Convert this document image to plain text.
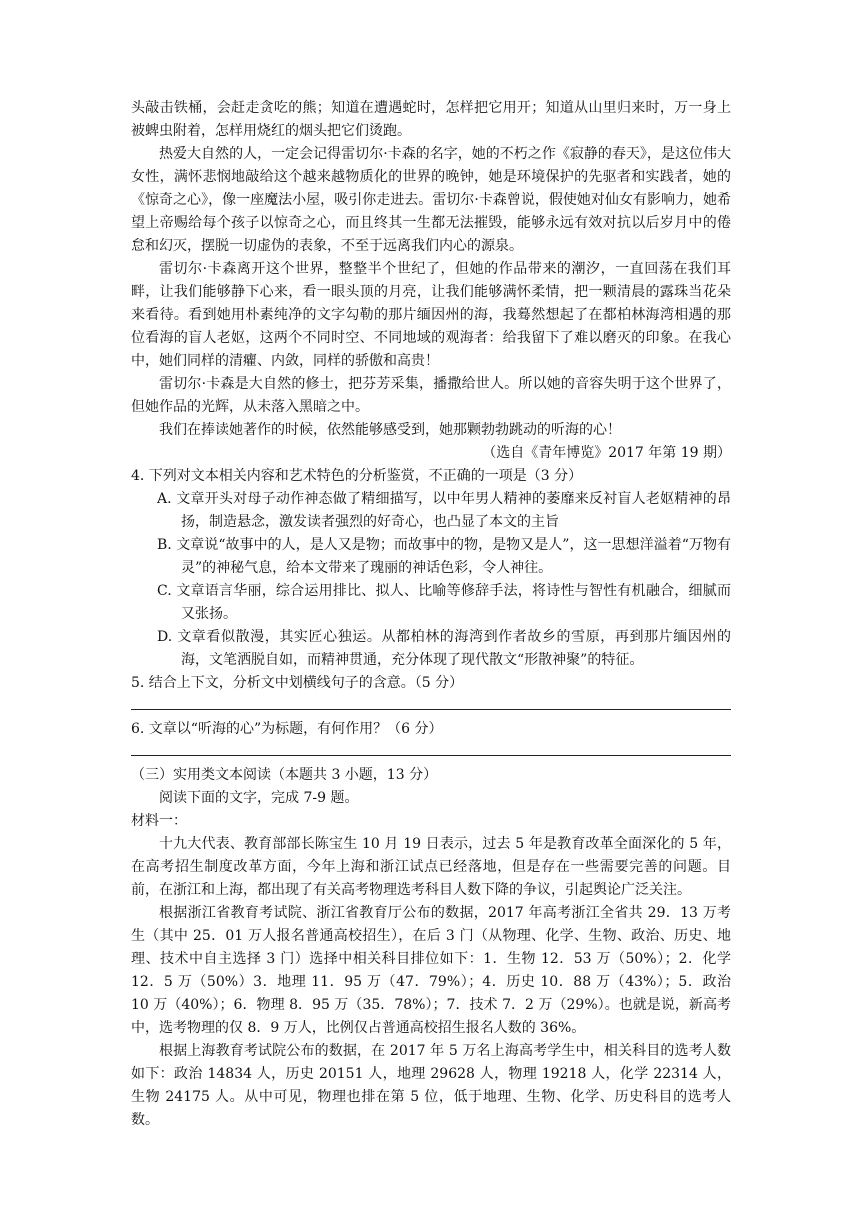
头敲击铁桶，会赶走贪吃的熊；知道在遭遇蛇时，怎样把它用开；知道从山里归来时，万一身上被蜱虫附着，怎样用烧红的烟头把它们烫跑。

热爱大自然的人，一定会记得雷切尔·卡森的名字，她的不朽之作《寂静的春天》，是这位伟大女性，满怀悲悯地敲给这个越来越物质化的世界的晚钟，她是环境保护的先驱者和实践者，她的《惊奇之心》，像一座魔法小屋，吸引你走进去。雷切尔·卡森曾说，假使她对仙女有影响力，她希望上帝赐给每个孩子以惊奇之心，而且终其一生都无法摧毁，能够永远有效对抗以后岁月中的倦怠和幻灭，摆脱一切虚伪的表象，不至于远离我们内心的源泉。

雷切尔·卡森离开这个世界，整整半个世纪了，但她的作品带来的潮汐，一直回荡在我们耳畔，让我们能够静下心来，看一眼头顶的月亮，让我们能够满怀柔情，把一颗清晨的露珠当花朵来看待。看到她用朴素纯净的文字勾勒的那片缅因州的海，我蓦然想起了在都柏林海湾相遇的那位看海的盲人老妪，这两个不同时空、不同地域的观海者：给我留下了难以磨灭的印象。在我心中，她们同样的清癯、内敛，同样的骄傲和高贵！

雷切尔·卡森是大自然的修士，把芬芳采集，播撒给世人。所以她的音容失明于这个世界了，但她作品的光辉，从未落入黑暗之中。

我们在捧读她著作的时候，依然能够感受到，她那颗勃勃跳动的听海的心！

（选自《青年博览》2017 年第 19 期）

4. 下列对文本相关内容和艺术特色的分析鉴赏，不正确的一项是（3 分）

A. 文章开头对母子动作神态做了精细描写，以中年男人精神的萎靡来反衬盲人老妪精神的昂扬，制造悬念，激发读者强烈的好奇心，也凸显了本文的主旨

B. 文章说“故事中的人，是人又是物；而故事中的物，是物又是人”，这一思想洋溢着“万物有灵”的神秘气息，给本文带来了瑰丽的神话色彩，令人神往。

C. 文章语言华丽，综合运用排比、拟人、比喻等修辞手法，将诗性与智性有机融合，细腻而又张扬。

D. 文章看似散漫，其实匠心独运。从都柏林的海湾到作者故乡的雪原，再到那片缅因州的海，文笔洒脱自如，而精神贯通，充分体现了现代散文“形散神聚”的特征。

5. 结合上下文，分析文中划横线句子的含意。（5 分）

6. 文章以“听海的心”为标题，有何作用？（6 分）

（三）实用类文本阅读（本题共 3 小题，13 分）

阅读下面的文字，完成 7-9 题。

材料一：

十九大代表、教育部部长陈宝生 10 月 19 日表示，过去 5 年是教育改革全面深化的 5 年，在高考招生制度改革方面，今年上海和浙江试点已经落地，但是存在一些需要完善的问题。目前，在浙江和上海，都出现了有关高考物理选考科目人数下降的争议，引起舆论广泛关注。

根据浙江省教育考试院、浙江省教育厅公布的数据，2017 年高考浙江全省共 29．13 万考生（其中 25．01 万人报名普通高校招生），在后 3 门（从物理、化学、生物、政治、历史、地理、技术中自主选择 3 门）选择中相关科目排位如下：1．生物 12．53 万（50%）；2．化学 12．5 万（50%）3．地理 11．95 万（47．79%）；4．历史 10．88 万（43%）；5．政治 10 万（40%）；6．物理 8．95 万（35．78%）；7．技术 7．2 万（29%）。也就是说，新高考中，选考物理的仅 8．9 万人，比例仅占普通高校招生报名人数的 36%。

根据上海教育考试院公布的数据，在 2017 年 5 万名上海高考学生中，相关科目的选考人数如下：政治 14834 人，历史 20151 人，地理 29628 人，物理 19218 人，化学 22314 人，生物 24175 人。从中可见，物理也排在第 5 位，低于地理、生物、化学、历史科目的选考人数。
